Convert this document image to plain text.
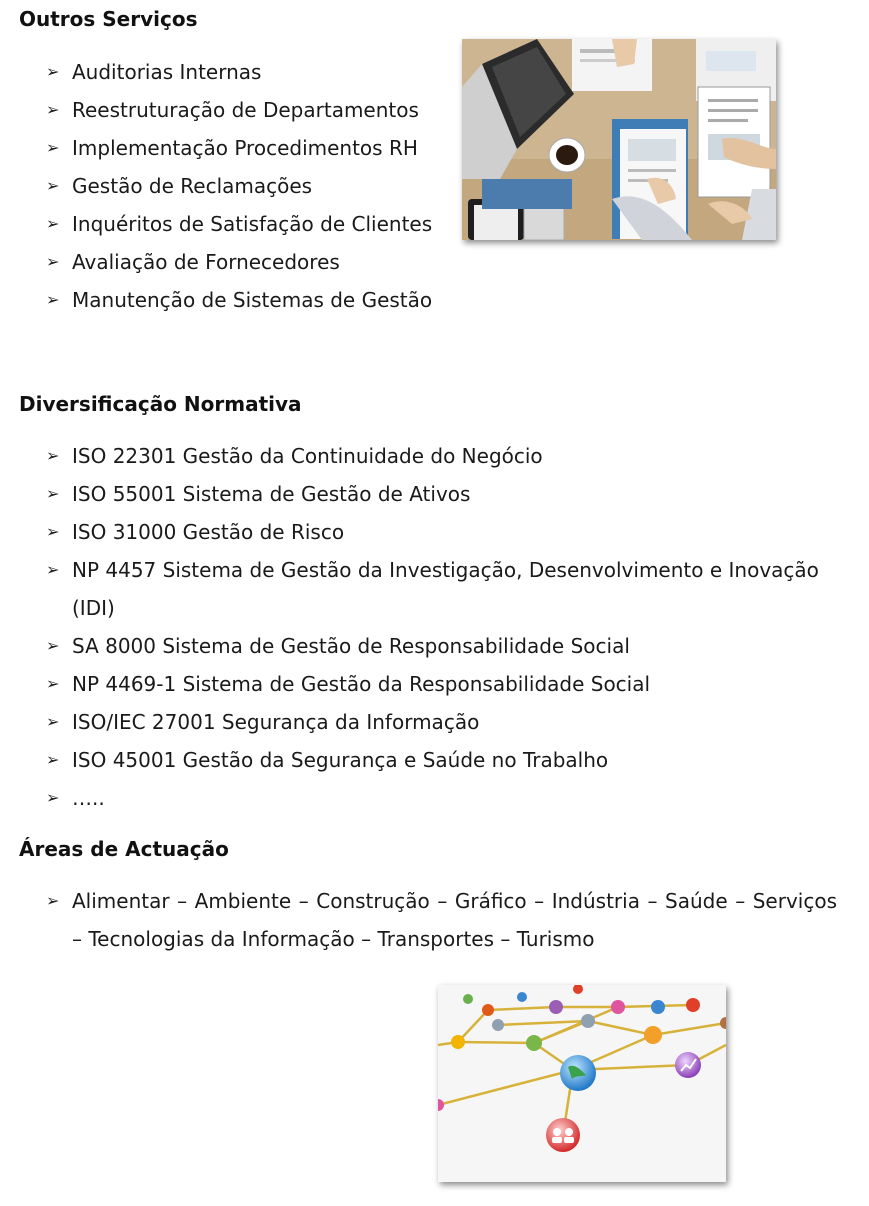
Outros Serviços
➢ Auditorias Internas
➢ Reestruturação de Departamentos
➢ Implementação Procedimentos RH
➢ Gestão de Reclamações
➢ Inquéritos de Satisfação de Clientes
➢ Avaliação de Fornecedores
➢ Manutenção de Sistemas de Gestão
Diversificação Normativa
➢ ISO 22301 Gestão da Continuidade do Negócio
➢ ISO 55001 Sistema de Gestão de Ativos
➢ ISO 31000 Gestão de Risco
➢ NP 4457 Sistema de Gestão da Investigação, Desenvolvimento e Inovação (IDI)
➢ SA 8000 Sistema de Gestão de Responsabilidade Social
➢ NP 4469-1 Sistema de Gestão da Responsabilidade Social
➢ ISO/IEC 27001 Segurança da Informação
➢ ISO 45001 Gestão da Segurança e Saúde no Trabalho
➢ …..
Áreas de Actuação
➢ Alimentar – Ambiente – Construção – Gráfico – Indústria – Saúde – Serviços – Tecnologias da Informação – Transportes – Turismo
